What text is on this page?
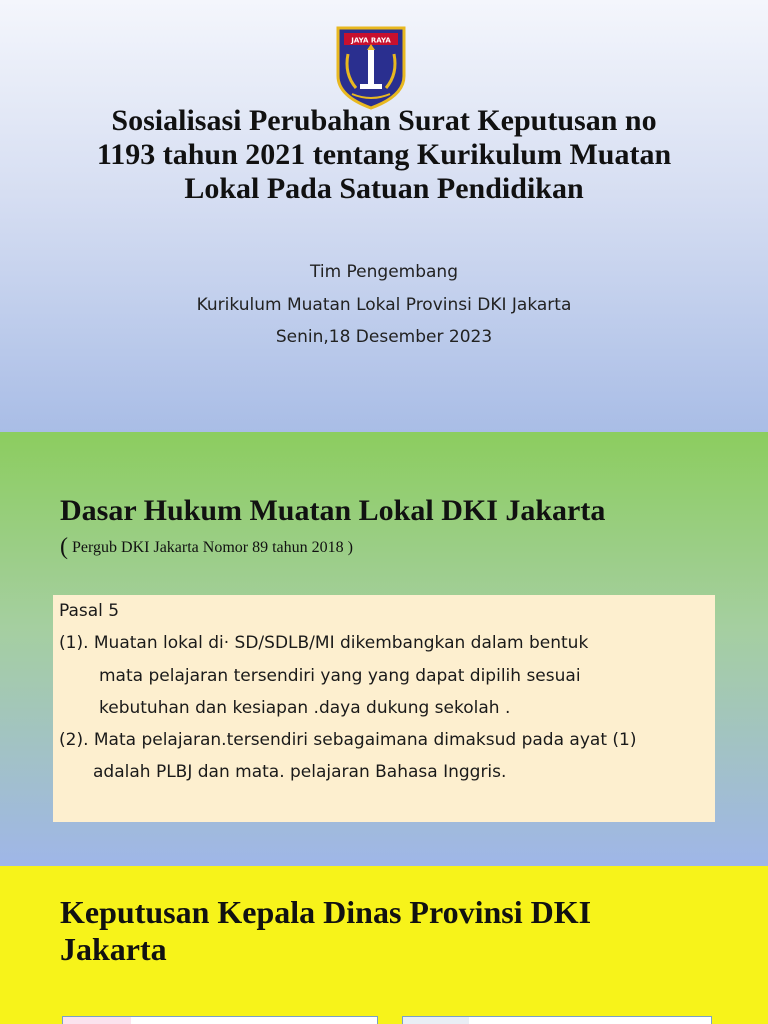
JAYA RAYA
Sosialisasi Perubahan Surat Keputusan no
1193 tahun 2021 tentang Kurikulum Muatan
Lokal Pada Satuan Pendidikan
Tim Pengembang
Kurikulum Muatan Lokal Provinsi DKI Jakarta
Senin,18 Desember 2023
Dasar Hukum Muatan Lokal DKI Jakarta
( Pergub DKI Jakarta Nomor 89 tahun 2018 )
Pasal 5
(1). Muatan lokal di· SD/SDLB/MI dikembangkan dalam bentuk
mata pelajaran tersendiri yang yang dapat dipilih sesuai
kebutuhan dan kesiapan .daya dukung sekolah .
(2). Mata pelajaran.tersendiri sebagaimana dimaksud pada ayat (1)
adalah PLBJ dan mata. pelajaran Bahasa Inggris.
Keputusan Kepala Dinas Provinsi DKI
Jakarta
